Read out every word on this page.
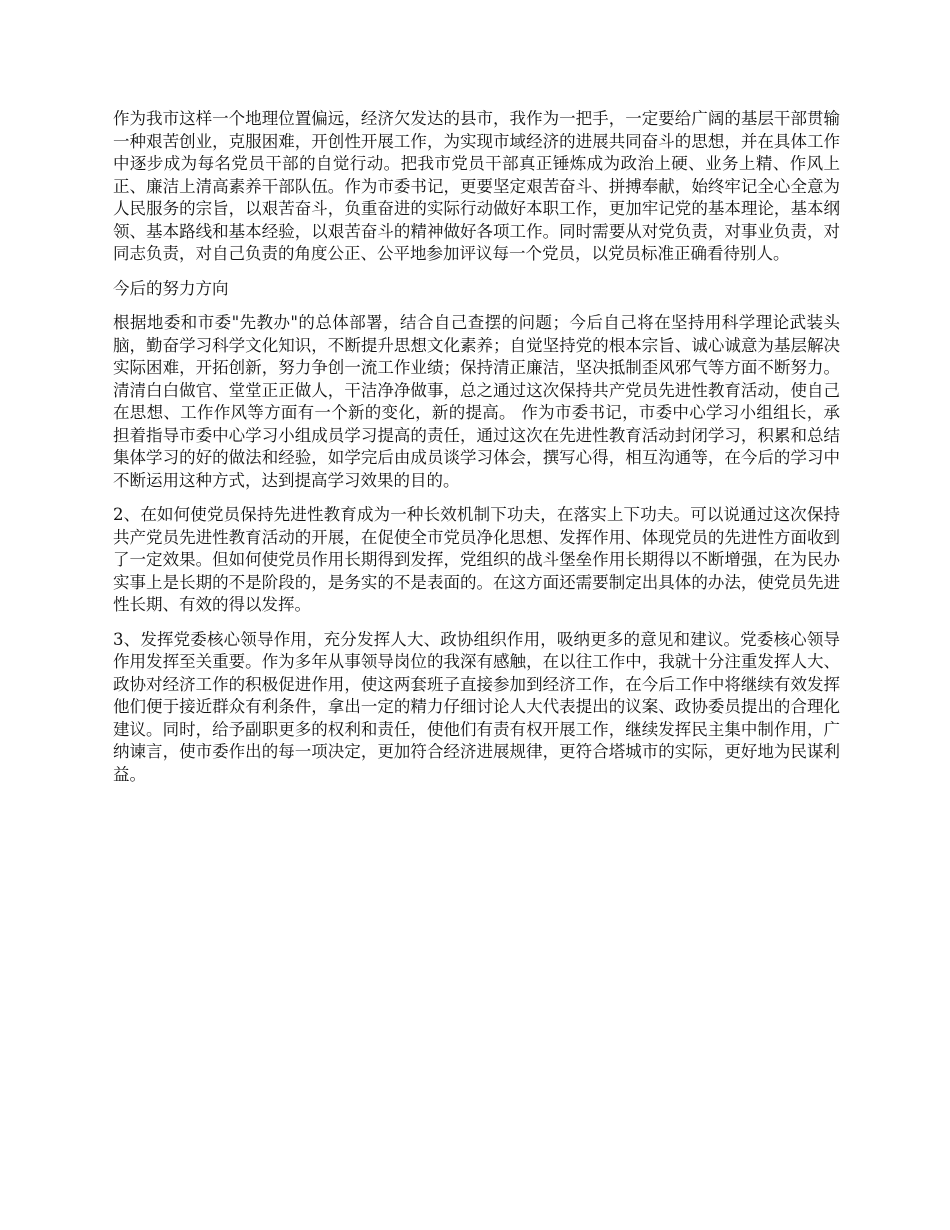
作为我市这样一个地理位置偏远，经济欠发达的县市，我作为一把手，一定要给广阔的基层干部贯输一种艰苦创业，克服困难，开创性开展工作，为实现市域经济的进展共同奋斗的思想，并在具体工作中逐步成为每名党员干部的自觉行动。把我市党员干部真正锤炼成为政治上硬、业务上精、作风上正、廉洁上清高素养干部队伍。作为市委书记，更要坚定艰苦奋斗、拼搏奉献，始终牢记全心全意为人民服务的宗旨，以艰苦奋斗，负重奋进的实际行动做好本职工作，更加牢记党的基本理论，基本纲领、基本路线和基本经验，以艰苦奋斗的精神做好各项工作。同时需要从对党负责，对事业负责，对同志负责，对自己负责的角度公正、公平地参加评议每一个党员，以党员标准正确看待别人。

今后的努力方向

根据地委和市委"先教办"的总体部署，结合自己查摆的问题；今后自己将在坚持用科学理论武装头脑，勤奋学习科学文化知识，不断提升思想文化素养；自觉坚持党的根本宗旨、诚心诚意为基层解决实际困难，开拓创新，努力争创一流工作业绩；保持清正廉洁，坚决抵制歪风邪气等方面不断努力。清清白白做官、堂堂正正做人，干洁净净做事，总之通过这次保持共产党员先进性教育活动，使自己在思想、工作作风等方面有一个新的变化，新的提高。 作为市委书记，市委中心学习小组组长，承担着指导市委中心学习小组成员学习提高的责任，通过这次在先进性教育活动封闭学习，积累和总结集体学习的好的做法和经验，如学完后由成员谈学习体会，撰写心得，相互沟通等，在今后的学习中不断运用这种方式，达到提高学习效果的目的。

2、在如何使党员保持先进性教育成为一种长效机制下功夫，在落实上下功夫。可以说通过这次保持共产党员先进性教育活动的开展，在促使全市党员净化思想、发挥作用、体现党员的先进性方面收到了一定效果。但如何使党员作用长期得到发挥，党组织的战斗堡垒作用长期得以不断增强，在为民办实事上是长期的不是阶段的，是务实的不是表面的。在这方面还需要制定出具体的办法，使党员先进性长期、有效的得以发挥。

3、发挥党委核心领导作用，充分发挥人大、政协组织作用，吸纳更多的意见和建议。党委核心领导作用发挥至关重要。作为多年从事领导岗位的我深有感触，在以往工作中，我就十分注重发挥人大、政协对经济工作的积极促进作用，使这两套班子直接参加到经济工作，在今后工作中将继续有效发挥他们便于接近群众有利条件，拿出一定的精力仔细讨论人大代表提出的议案、政协委员提出的合理化建议。同时，给予副职更多的权利和责任，使他们有责有权开展工作，继续发挥民主集中制作用，广纳谏言，使市委作出的每一项决定，更加符合经济进展规律，更符合塔城市的实际，更好地为民谋利益。
